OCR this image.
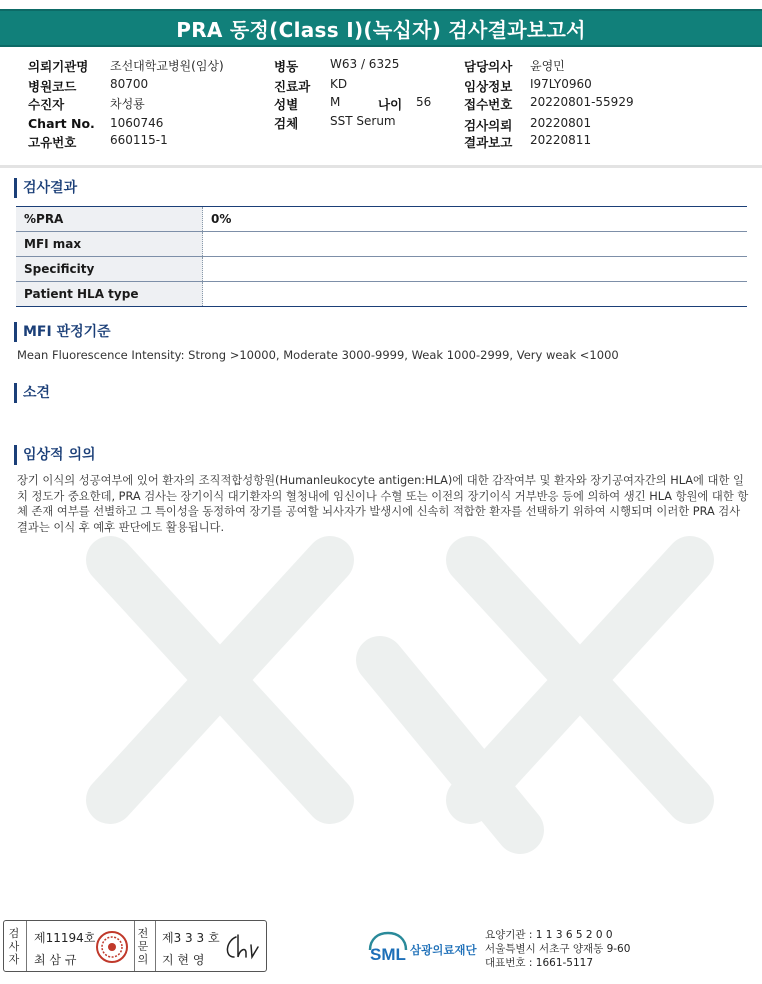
PRA 동정(Class I)(녹십자) 검사결과보고서
의뢰기관명 조선대학교병원(임상)
병원코드	80700
수진자	차성룡
Chart No. 1060746
고유번호	660115-1
병동	W63 / 6325
진료과 KD
성별	M	나이 56
검체	SST Serum
담당의사 윤영민
임상정보 I97LY0960
접수번호 20220801-55929
검사의뢰 20220801
결과보고 20220811
검사결과
%PRA	0%
MFI max	
Specificity	
Patient HLA type	
MFI 판정기준
Mean Fluorescence Intensity: Strong >10000, Moderate 3000-9999, Weak 1000-2999, Very weak <1000
소견
임상적 의의
장기 이식의 성공여부에 있어 환자의 조직적합성항원(Humanleukocyte antigen:HLA)에 대한 감작여부 및 환자와 장기공여자간의 HLA에 대한 일치 정도가 중요한데, PRA 검사는 장기이식 대기환자의 혈청내에 임신이나 수혈 또는 이전의 장기이식 거부반응 등에 의하여 생긴 HLA 항원에 대한 항체 존재 여부를 선별하고 그 특이성을 동정하여 장기를 공여할 뇌사자가 발생시에 신속히 적합한 환자를 선택하기 위하여 시행되며 이러한 PRA 검사결과는 이식 후 예후 판단에도 활용됩니다.
검사자
제11194호
최 삼 규
전문의
제3 3 3 호
지 현 영	SML 삼광의료재단
요양기관 : 1 1 3 6 5 2 0 0
서울특별시 서초구 양재동 9-60
대표번호 : 1661-5117
